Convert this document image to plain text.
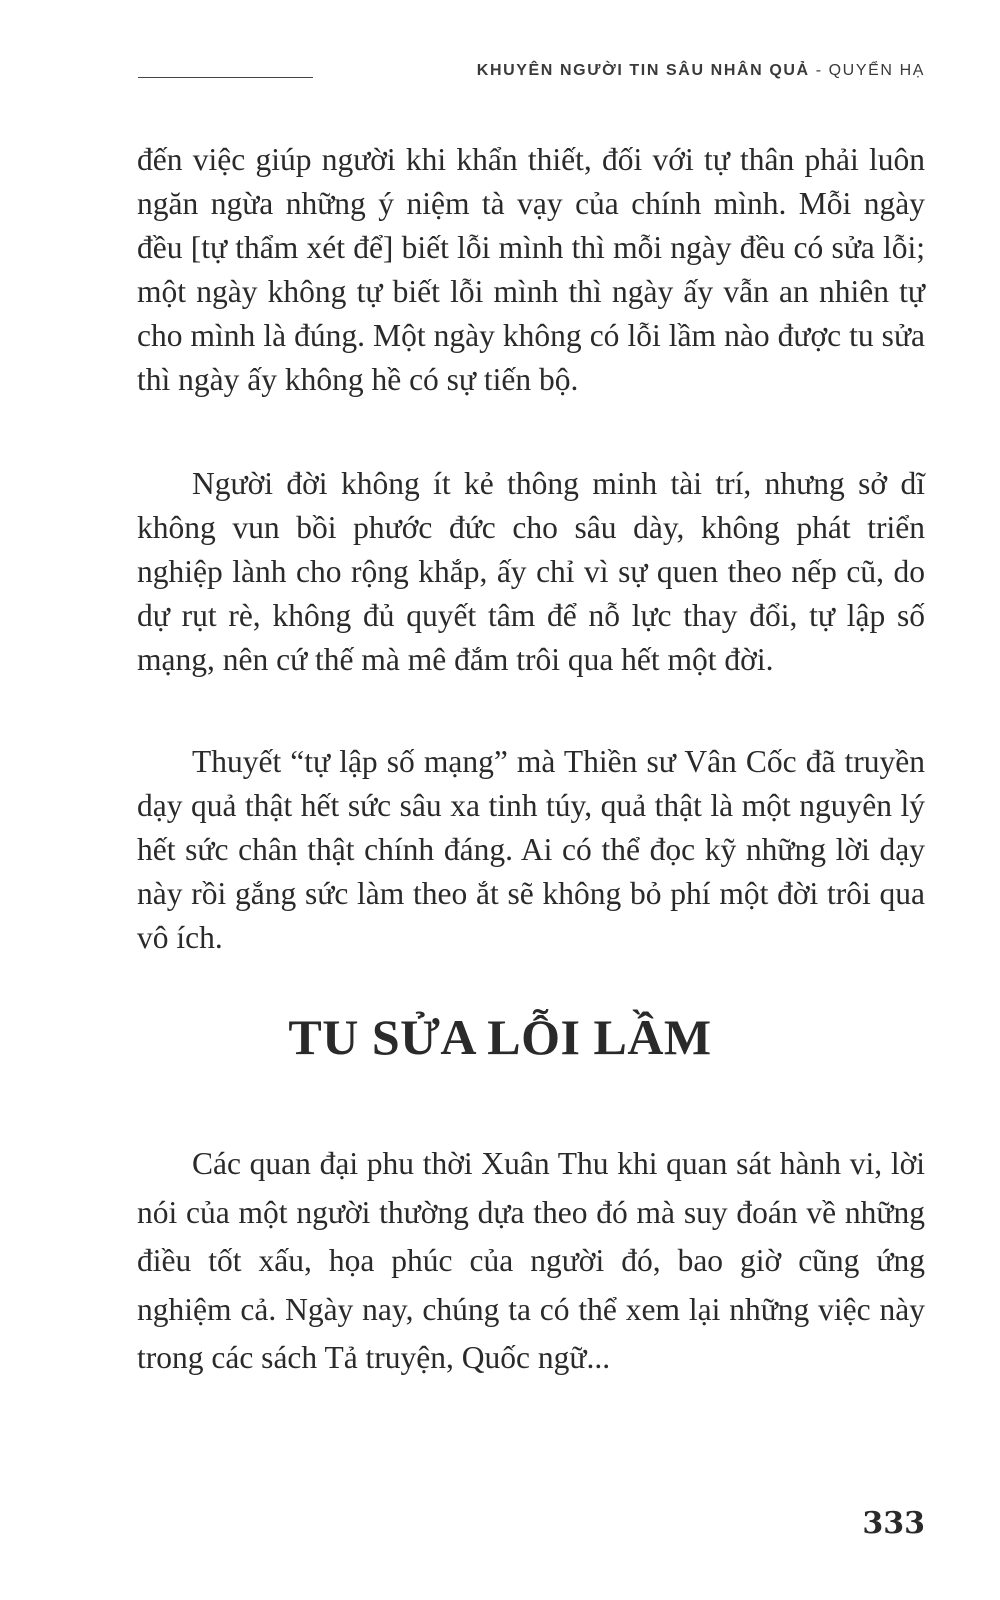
KHUYÊN NGƯỜI TIN SÂU NHÂN QUẢ - QUYỂN HẠ

đến việc giúp người khi khẩn thiết, đối với tự thân phải luôn ngăn ngừa những ý niệm tà vạy của chính mình. Mỗi ngày đều [tự thẩm xét để] biết lỗi mình thì mỗi ngày đều có sửa lỗi; một ngày không tự biết lỗi mình thì ngày ấy vẫn an nhiên tự cho mình là đúng. Một ngày không có lỗi lầm nào được tu sửa thì ngày ấy không hề có sự tiến bộ.

Người đời không ít kẻ thông minh tài trí, nhưng sở dĩ không vun bồi phước đức cho sâu dày, không phát triển nghiệp lành cho rộng khắp, ấy chỉ vì sự quen theo nếp cũ, do dự rụt rè, không đủ quyết tâm để nỗ lực thay đổi, tự lập số mạng, nên cứ thế mà mê đắm trôi qua hết một đời.

Thuyết “tự lập số mạng” mà Thiền sư Vân Cốc đã truyền dạy quả thật hết sức sâu xa tinh túy, quả thật là một nguyên lý hết sức chân thật chính đáng. Ai có thể đọc kỹ những lời dạy này rồi gắng sức làm theo ắt sẽ không bỏ phí một đời trôi qua vô ích.

TU SỬA LỖI LẦM

Các quan đại phu thời Xuân Thu khi quan sát hành vi, lời nói của một người thường dựa theo đó mà suy đoán về những điều tốt xấu, họa phúc của người đó, bao giờ cũng ứng nghiệm cả. Ngày nay, chúng ta có thể xem lại những việc này trong các sách Tả truyện, Quốc ngữ...

333
